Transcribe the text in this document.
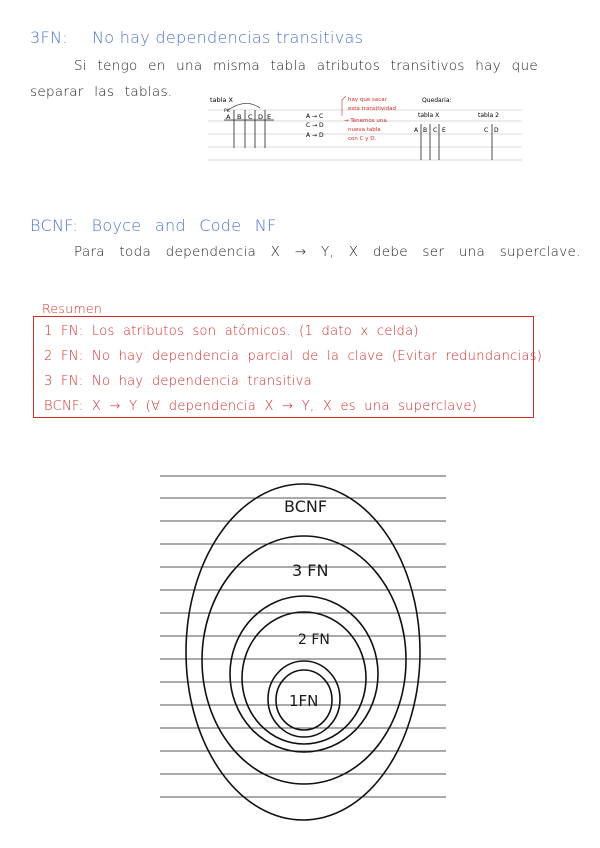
3FN: No hay dependencias transitivas
Si tengo en una misma tabla atributos transitivos hay que
separar las tablas.	tabla X
PK
A B C D E	A → C
C → D
A → D
hay que sacar
esta transitividad
→ Tenemos una
nueva tabla
con C y D.
Quedaria:
tabla X
A B C E
tabla 2
C D
BCNF: Boyce and Code NF
Para toda dependencia X → Y, X debe ser una superclave.
Resumen
1 FN: Los atributos son atómicos. (1 dato x celda)
2 FN: No hay dependencia parcial de la clave (Evitar redundancias)
3 FN: No hay dependencia transitiva
BCNF: X → Y (∀ dependencia X → Y, X es una superclave)
BCNF
3 FN
2 FN
1FN
